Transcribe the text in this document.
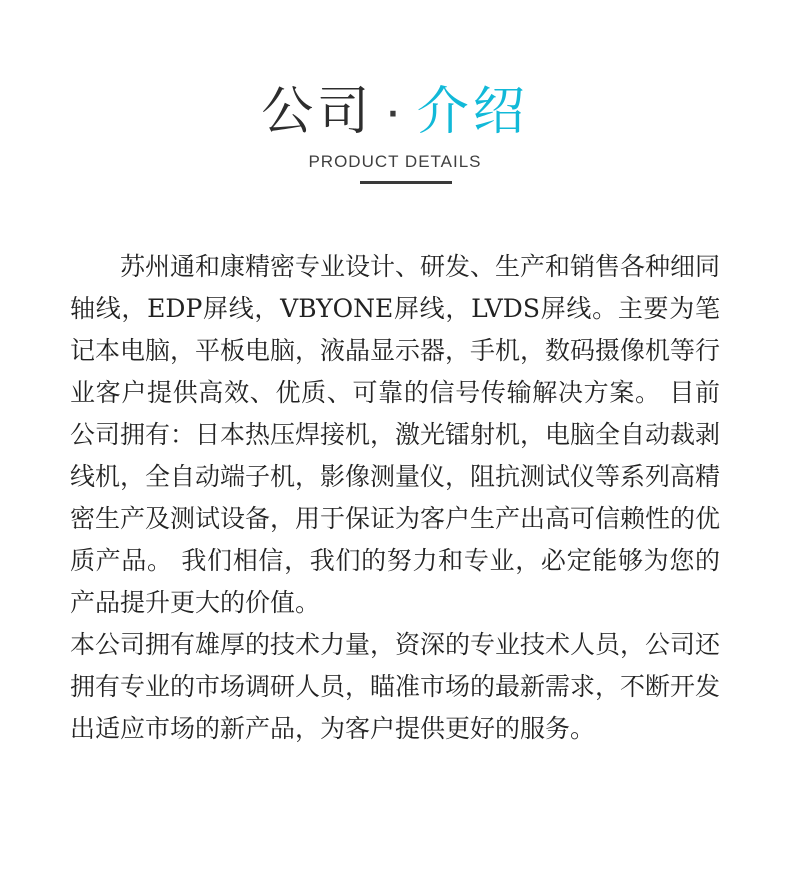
公司 · 介绍
PRODUCT DETAILS

苏州通和康精密专业设计、研发、生产和销售各种细同轴线，EDP屏线，VBYONE屏线，LVDS屏线。主要为笔记本电脑，平板电脑，液晶显示器，手机，数码摄像机等行业客户提供高效、优质、可靠的信号传输解决方案。 目前公司拥有：日本热压焊接机，激光镭射机，电脑全自动裁剥线机，全自动端子机，影像测量仪，阻抗测试仪等系列高精密生产及测试设备，用于保证为客户生产出高可信赖性的优质产品。 我们相信，我们的努力和专业，必定能够为您的产品提升更大的价值。

本公司拥有雄厚的技术力量，资深的专业技术人员，公司还拥有专业的市场调研人员，瞄准市场的最新需求，不断开发出适应市场的新产品，为客户提供更好的服务。
